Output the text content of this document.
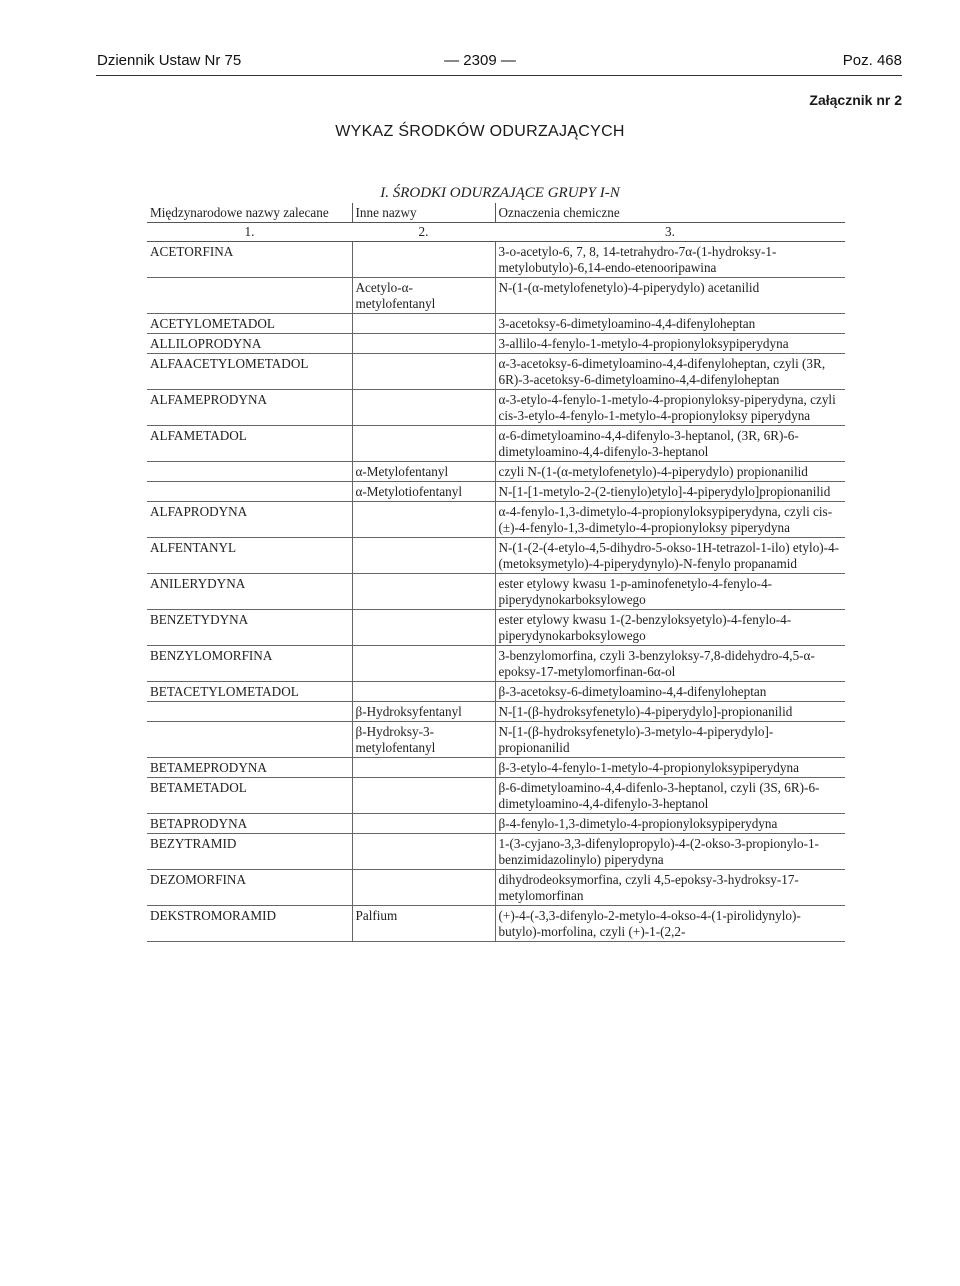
Dziennik Ustaw Nr 75	— 2309 —	Poz. 468
Załącznik nr 2
WYKAZ ŚRODKÓW ODURZAJĄCYCH
I. ŚRODKI ODURZAJĄCE GRUPY I-N
Międzynarodowe nazwy zalecane	Inne nazwy	Oznaczenia chemiczne
1.	2.	3.
ACETORFINA		3-o-acetylo-6, 7, 8, 14-tetrahydro-7α-(1-hydroksy-1-metylobutylo)-6,14-endo-etenooripawina
	Acetylo-α-metylofentanyl	N-(1-(α-metylofenetylo)-4-piperydylo) acetanilid
ACETYLOMETADOL		3-acetoksy-6-dimetyloamino-4,4-difenyloheptan
ALLILOPRODYNA		3-allilo-4-fenylo-1-metylo-4-propionyloksypiperydyna
ALFAACETYLOMETADOL		α-3-acetoksy-6-dimetyloamino-4,4-difenyloheptan, czyli (3R, 6R)-3-acetoksy-6-dimetyloamino-4,4-difenyloheptan
ALFAMEPRODYNA		α-3-etylo-4-fenylo-1-metylo-4-propionyloksy-piperydyna, czyli cis-3-etylo-4-fenylo-1-metylo-4-propionyloksy piperydyna
ALFAMETADOL		α-6-dimetyloamino-4,4-difenylo-3-heptanol, (3R, 6R)-6-dimetyloamino-4,4-difenylo-3-heptanol
	α-Metylofentanyl	czyli N-(1-(α-metylofenetylo)-4-piperydylo) propionanilid
	α-Metylotiofentanyl	N-[1-[1-metylo-2-(2-tienylo)etylo]-4-piperydylo]propionanilid
ALFAPRODYNA		α-4-fenylo-1,3-dimetylo-4-propionyloksypiperydyna, czyli cis-(±)-4-fenylo-1,3-dimetylo-4-propionyloksy piperydyna
ALFENTANYL		N-(1-(2-(4-etylo-4,5-dihydro-5-okso-1H-tetrazol-1-ilo) etylo)-4-(metoksymetylo)-4-piperydynylo)-N-fenylo propanamid
ANILERYDYNA		ester etylowy kwasu 1-p-aminofenetylo-4-fenylo-4-piperydynokarboksylowego
BENZETYDYNA		ester etylowy kwasu 1-(2-benzyloksyetylo)-4-fenylo-4-piperydynokarboksylowego
BENZYLOMORFINA		3-benzylomorfina, czyli 3-benzyloksy-7,8-didehydro-4,5-α-epoksy-17-metylomorfinan-6α-ol
BETACETYLOMETADOL		β-3-acetoksy-6-dimetyloamino-4,4-difenyloheptan
	β-Hydroksyfentanyl	N-[1-(β-hydroksyfenetylo)-4-piperydylo]-propionanilid
	β-Hydroksy-3-metylofentanyl	N-[1-(β-hydroksyfenetylo)-3-metylo-4-piperydylo]-propionanilid
BETAMEPRODYNA		β-3-etylo-4-fenylo-1-metylo-4-propionyloksypiperydyna
BETAMETADOL		β-6-dimetyloamino-4,4-difenlo-3-heptanol, czyli (3S, 6R)-6-dimetyloamino-4,4-difenylo-3-heptanol
BETAPRODYNA		β-4-fenylo-1,3-dimetylo-4-propionyloksypiperydyna
BEZYTRAMID		1-(3-cyjano-3,3-difenylopropylo)-4-(2-okso-3-propionylo-1-benzimidazolinylo) piperydyna
DEZOMORFINA		dihydrodeoksymorfina, czyli 4,5-epoksy-3-hydroksy-17-metylomorfinan
DEKSTROMORAMID	Palfium	(+)-4-(-3,3-difenylo-2-metylo-4-okso-4-(1-pirolidynylo)-butylo)-morfolina, czyli (+)-1-(2,2-
